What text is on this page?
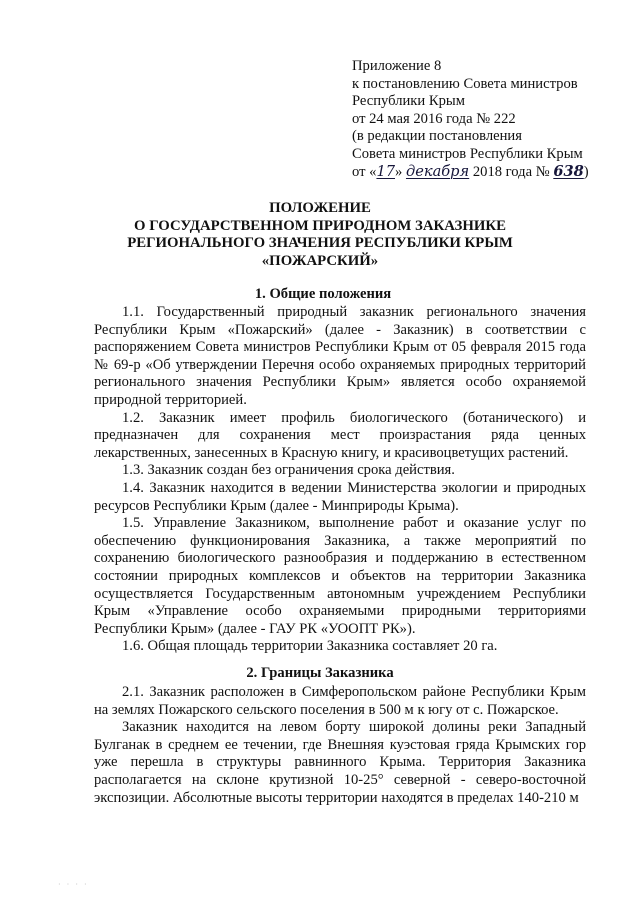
Приложение 8
к постановлению Совета министров
Республики Крым
от 24 мая 2016 года № 222
(в редакции постановления
Совета министров Республики Крым
от «17» декабря 2018 года № 638)
ПОЛОЖЕНИЕ
О ГОСУДАРСТВЕННОМ ПРИРОДНОМ ЗАКАЗНИКЕ
РЕГИОНАЛЬНОГО ЗНАЧЕНИЯ РЕСПУБЛИКИ КРЫМ
«ПОЖАРСКИЙ»
1. Общие положения

1.1. Государственный природный заказник регионального значения Республики Крым «Пожарский» (далее - Заказник) в соответствии с распоряжением Совета министров Республики Крым от 05 февраля 2015 года № 69-р «Об утверждении Перечня особо охраняемых природных территорий регионального значения Республики Крым» является особо охраняемой природной территорией.

1.2. Заказник имеет профиль биологического (ботанического) и предназначен для сохранения мест произрастания ряда ценных лекарственных, занесенных в Красную книгу, и красивоцветущих растений.

1.3. Заказник создан без ограничения срока действия.

1.4. Заказник находится в ведении Министерства экологии и природных ресурсов Республики Крым (далее - Минприроды Крыма).

1.5. Управление Заказником, выполнение работ и оказание услуг по обеспечению функционирования Заказника, а также мероприятий по сохранению биологического разнообразия и поддержанию в естественном состоянии природных комплексов и объектов на территории Заказника осуществляется Государственным автономным учреждением Республики Крым «Управление особо охраняемыми природными территориями Республики Крым» (далее - ГАУ РК «УООПТ РК»).

1.6. Общая площадь территории Заказника составляет 20 га.

2. Границы Заказника

2.1. Заказник расположен в Симферопольском районе Республики Крым на землях Пожарского сельского поселения в 500 м к югу от с. Пожарское.

Заказник находится на левом борту широкой долины реки Западный Булганак в среднем ее течении, где Внешняя куэстовая гряда Крымских гор уже перешла в структуры равнинного Крыма. Территория Заказника располагается на склоне крутизной 10-25° северной - северо-восточной экспозиции. Абсолютные высоты территории находятся в пределах 140-210 м

· · · ·
